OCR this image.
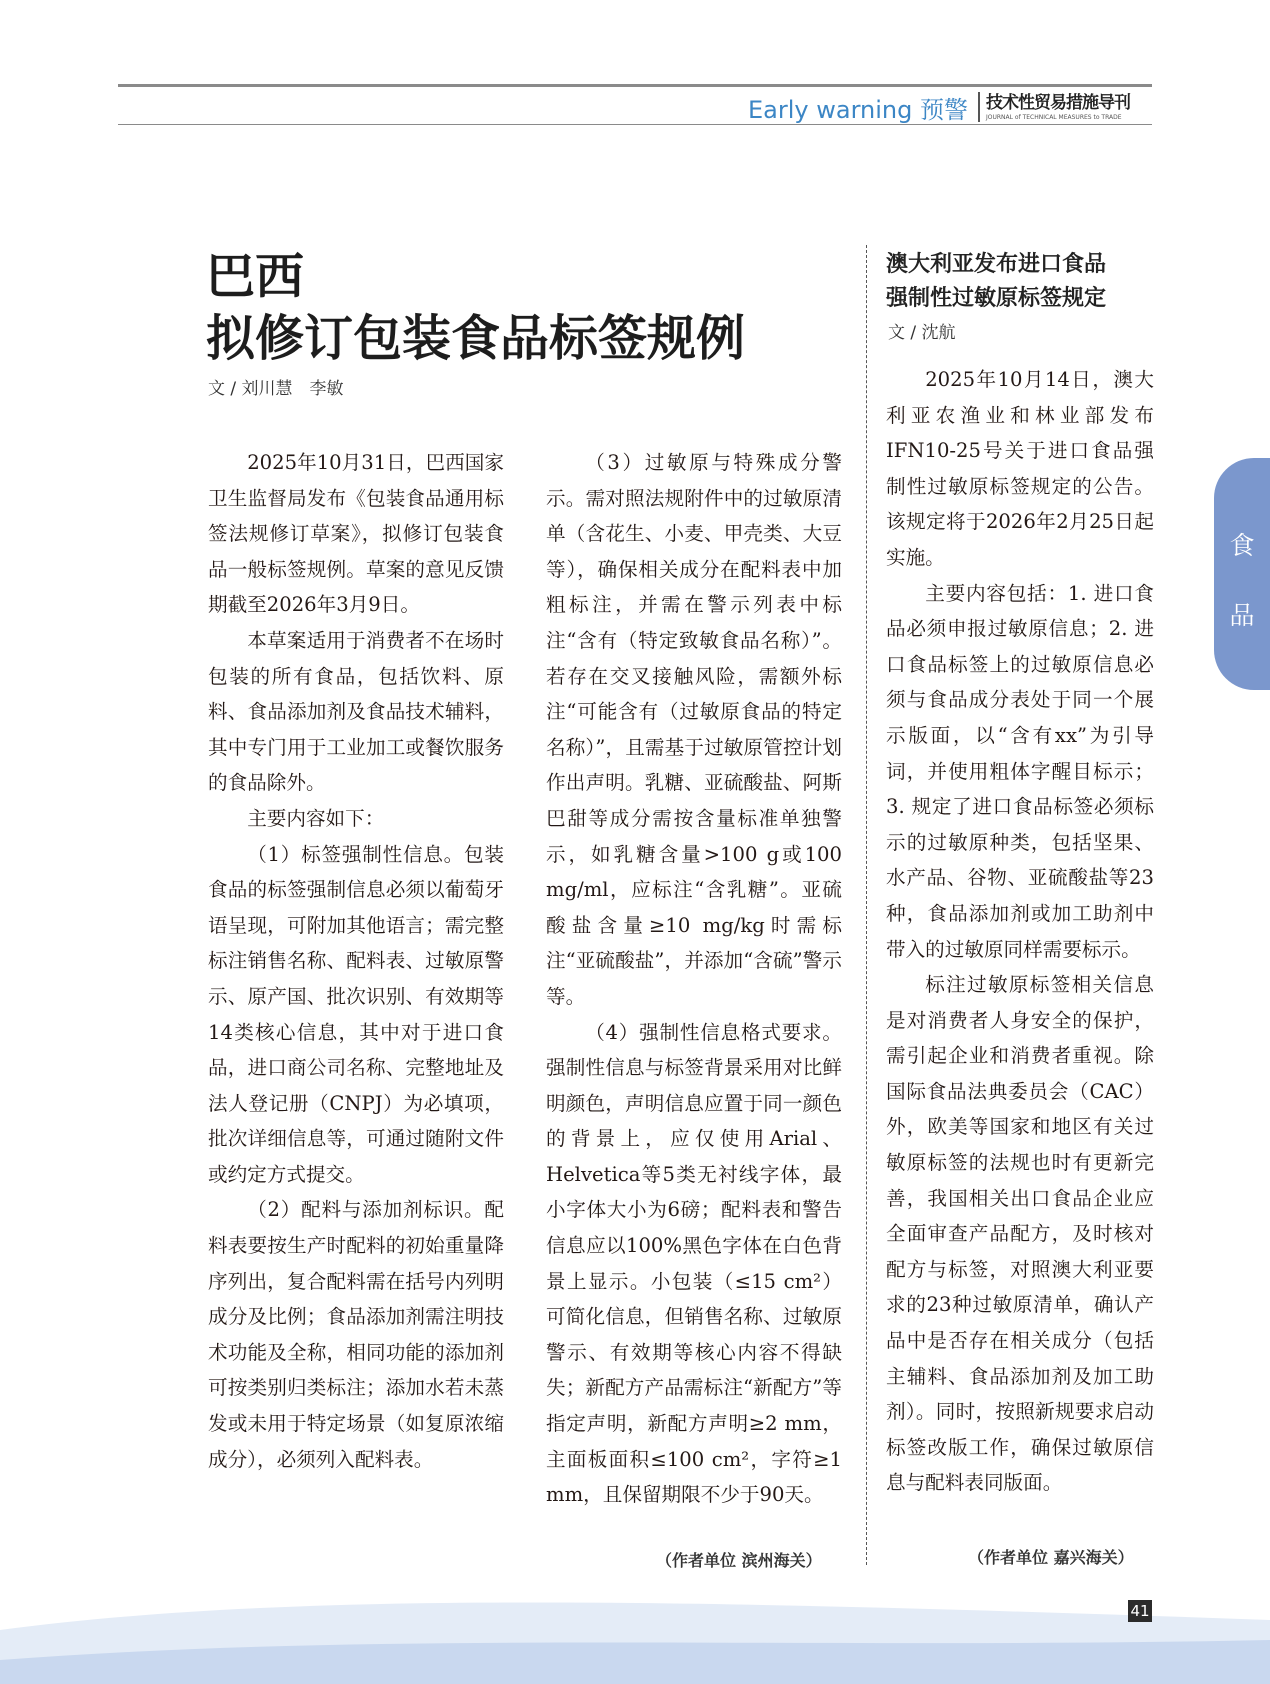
Early warning 预警 技术性贸易措施导刊
JOURNAL of TECHNICAL MEASURES to TRADE
巴西
拟修订包装食品标签规例
文 / 刘川慧　李敏

2025年10月31日，巴西国家卫生监督局发布《包装食品通用标签法规修订草案》，拟修订包装食品一般标签规例。草案的意见反馈期截至2026年3月9日。

本草案适用于消费者不在场时包装的所有食品，包括饮料、原料、食品添加剂及食品技术辅料，其中专门用于工业加工或餐饮服务的食品除外。

主要内容如下：

（1）标签强制性信息。包装食品的标签强制信息必须以葡萄牙语呈现，可附加其他语言；需完整标注销售名称、配料表、过敏原警示、原产国、批次识别、有效期等14类核心信息，其中对于进口食品，进口商公司名称、完整地址及法人登记册（CNPJ）为必填项，批次详细信息等，可通过随附文件或约定方式提交。

（2）配料与添加剂标识。配料表要按生产时配料的初始重量降序列出，复合配料需在括号内列明成分及比例；食品添加剂需注明技术功能及全称，相同功能的添加剂可按类别归类标注；添加水若未蒸发或未用于特定场景（如复原浓缩成分），必须列入配料表。

（3）过敏原与特殊成分警示。需对照法规附件中的过敏原清单（含花生、小麦、甲壳类、大豆等），确保相关成分在配料表中加粗标注，并需在警示列表中标注“含有（特定致敏食品名称）”。若存在交叉接触风险，需额外标注“可能含有（过敏原食品的特定名称）”，且需基于过敏原管控计划作出声明。乳糖、亚硫酸盐、阿斯巴甜等成分需按含量标准单独警示，如乳糖含量>100 g或100 mg/ml，应标注“含乳糖”。亚硫酸盐含量≥10 mg/kg时需标注“亚硫酸盐”，并添加“含硫”警示等。

（4）强制性信息格式要求。强制性信息与标签背景采用对比鲜明颜色，声明信息应置于同一颜色的背景上，应仅使用Arial、Helvetica等5类无衬线字体，最小字体大小为6磅；配料表和警告信息应以100%黑色字体在白色背景上显示。小包装（≤15 cm²）可简化信息，但销售名称、过敏原警示、有效期等核心内容不得缺失；新配方产品需标注“新配方”等指定声明，新配方声明≥2 mm，主面板面积≤100 cm²，字符≥1 mm，且保留期限不少于90天。

（作者单位 滨州海关）
澳大利亚发布进口食品
强制性过敏原标签规定
文 / 沈航

2025年10月14日，澳大利亚农渔业和林业部发布IFN10-25号关于进口食品强制性过敏原标签规定的公告。该规定将于2026年2月25日起实施。

主要内容包括：1. 进口食品必须申报过敏原信息；2. 进口食品标签上的过敏原信息必须与食品成分表处于同一个展示版面，以“含有xx”为引导词，并使用粗体字醒目标示；3. 规定了进口食品标签必须标示的过敏原种类，包括坚果、水产品、谷物、亚硫酸盐等23种，食品添加剂或加工助剂中带入的过敏原同样需要标示。

标注过敏原标签相关信息是对消费者人身安全的保护，需引起企业和消费者重视。除国际食品法典委员会（CAC）外，欧美等国家和地区有关过敏原标签的法规也时有更新完善，我国相关出口食品企业应全面审查产品配方，及时核对配方与标签，对照澳大利亚要求的23种过敏原清单，确认产品中是否存在相关成分（包括主辅料、食品添加剂及加工助剂）。同时，按照新规要求启动标签改版工作，确保过敏原信息与配料表同版面。

（作者单位 嘉兴海关）
食
品
41
